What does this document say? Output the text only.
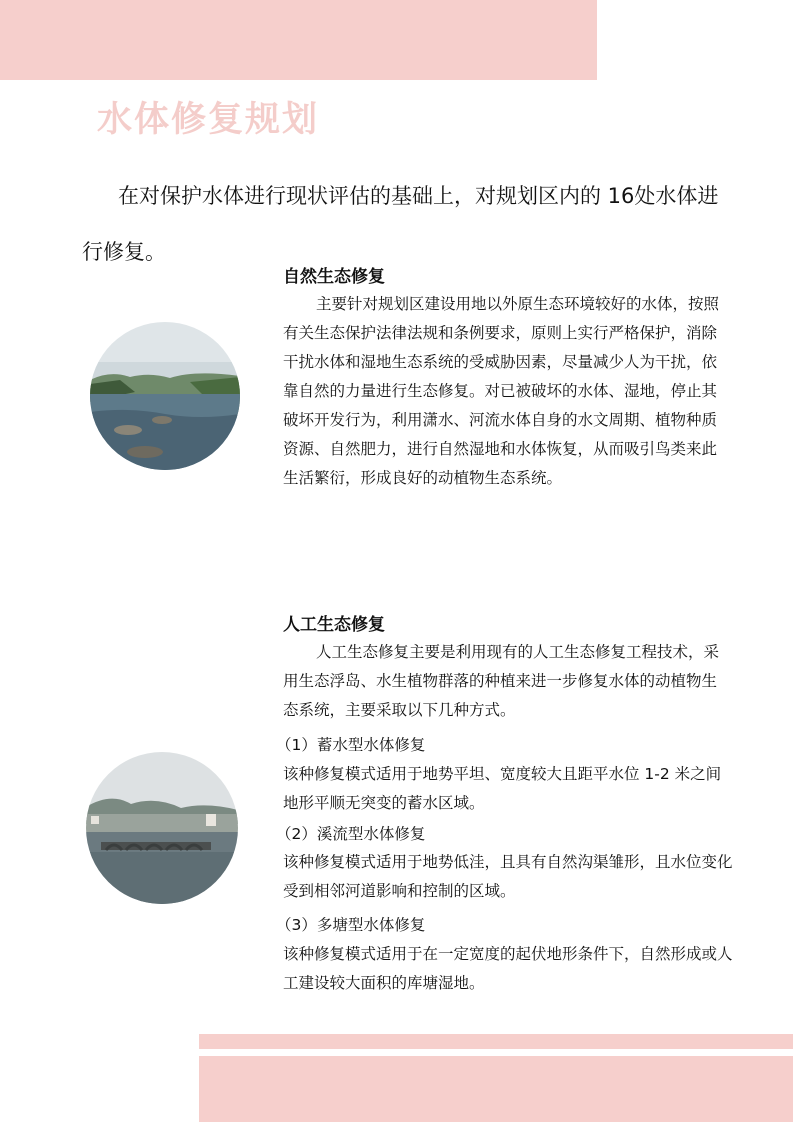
水体修复规划

在对保护水体进行现状评估的基础上，对规划区内的 16处水体进行修复。

自然生态修复

主要针对规划区建设用地以外原生态环境较好的水体，按照有关生态保护法律法规和条例要求，原则上实行严格保护，消除干扰水体和湿地生态系统的受威胁因素，尽量减少人为干扰，依靠自然的力量进行生态修复。对已被破坏的水体、湿地，停止其破坏开发行为，利用潇水、河流水体自身的水文周期、植物种质资源、自然肥力，进行自然湿地和水体恢复，从而吸引鸟类来此生活繁衍，形成良好的动植物生态系统。

人工生态修复

人工生态修复主要是利用现有的人工生态修复工程技术，采用生态浮岛、水生植物群落的种植来进一步修复水体的动植物生态系统，主要采取以下几种方式。

（1）蓄水型水体修复

该种修复模式适用于地势平坦、宽度较大且距平水位 1-2 米之间地形平顺无突变的蓄水区域。

（2）溪流型水体修复

该种修复模式适用于地势低洼，且具有自然沟渠雏形，且水位变化受到相邻河道影响和控制的区域。

（3）多塘型水体修复

该种修复模式适用于在一定宽度的起伏地形条件下，自然形成或人工建设较大面积的库塘湿地。
